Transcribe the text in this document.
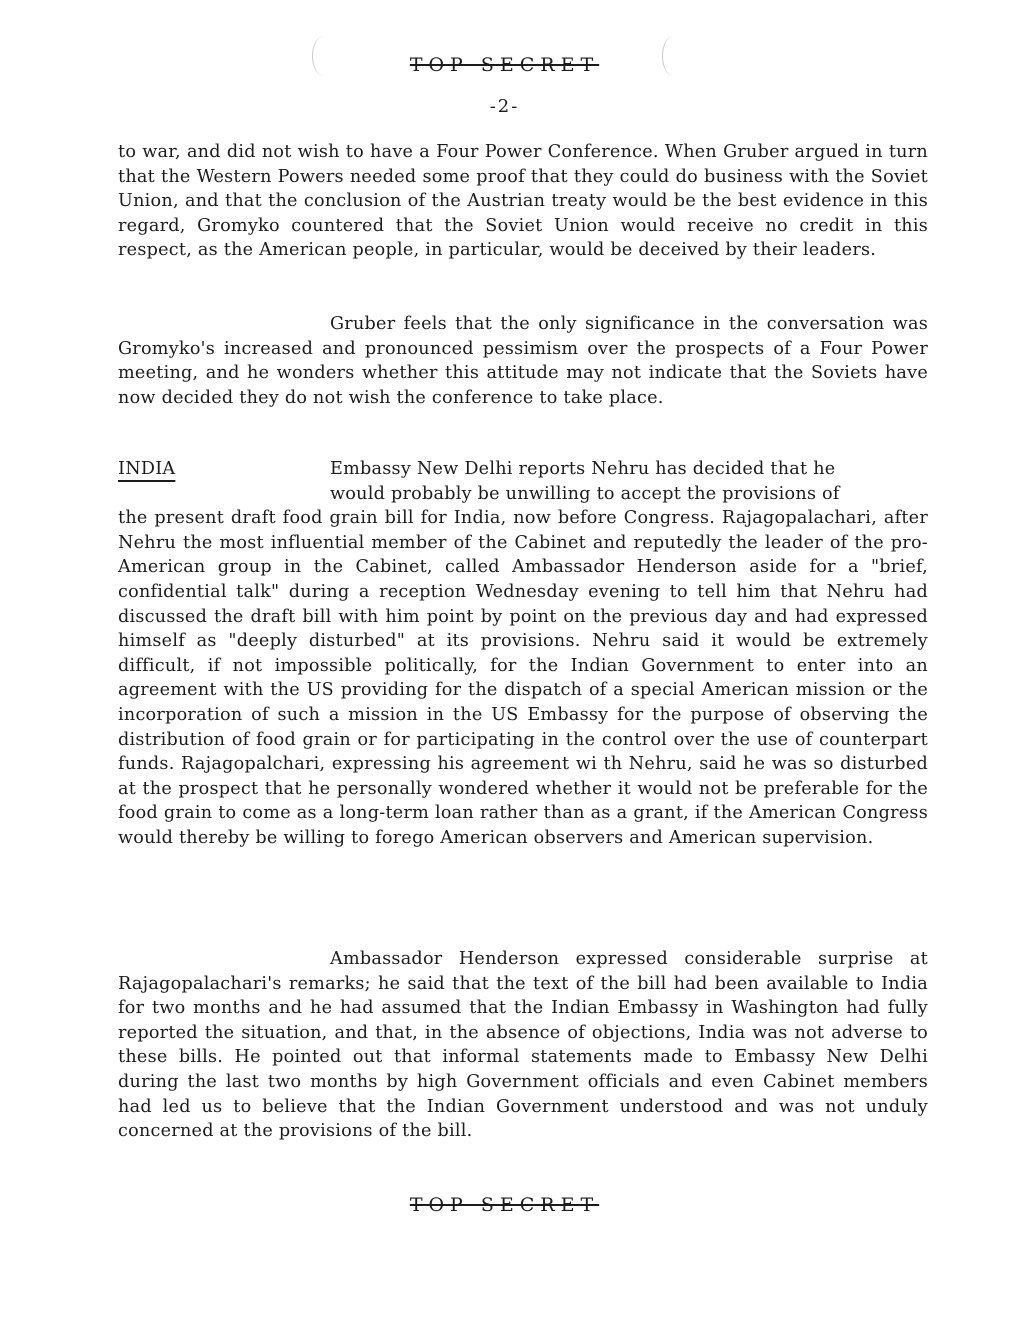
TOP SECRET
-2-

to war, and did not wish to have a Four Power Conference. When Gruber argued in turn that the Western Powers needed some proof that they could do business with the Soviet Union, and that the conclusion of the Austrian treaty would be the best evidence in this regard, Gromyko countered that the Soviet Union would receive no credit in this respect, as the American people, in particular, would be deceived by their leaders.

Gruber feels that the only significance in the conversation was Gromyko's increased and pronounced pessimism over the prospects of a Four Power meeting, and he wonders whether this attitude may not indicate that the Soviets have now decided they do not wish the conference to take place.

INDIA	Embassy New Delhi reports Nehru has decided that he
would probably be unwilling to accept the provisions of
the present draft food grain bill for India, now before Congress. Rajagopalachari, after Nehru the most influential member of the Cabinet and reputedly the leader of the pro-American group in the Cabinet, called Ambassador Henderson aside for a "brief, confidential talk" during a reception Wednesday evening to tell him that Nehru had discussed the draft bill with him point by point on the previous day and had expressed himself as "deeply disturbed" at its provisions. Nehru said it would be extremely difficult, if not impossible politically, for the Indian Government to enter into an agreement with the US providing for the dispatch of a special American mission or the incorporation of such a mission in the US Embassy for the purpose of observing the distribution of food grain or for participating in the control over the use of counterpart funds. Rajagopalchari, expressing his agreement wi th Nehru, said he was so disturbed at the prospect that he personally wondered whether it would not be preferable for the food grain to come as a long-term loan rather than as a grant, if the American Congress would thereby be willing to forego American observers and American supervision.

Ambassador Henderson expressed considerable surprise at Rajagopalachari's remarks; he said that the text of the bill had been available to India for two months and he had assumed that the Indian Embassy in Washington had fully reported the situation, and that, in the absence of objections, India was not adverse to these bills. He pointed out that informal statements made to Embassy New Delhi during the last two months by high Government officials and even Cabinet members had led us to believe that the Indian Government understood and was not unduly concerned at the provisions of the bill.

TOP SECRET
